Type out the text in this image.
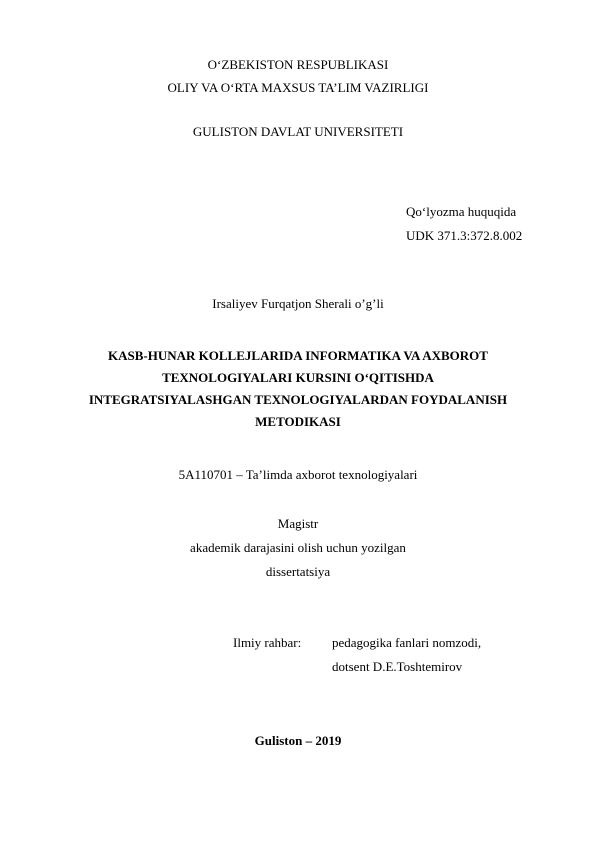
O‘ZBEKISTON RESPUBLIKASI
OLIY VA O‘RTA MAXSUS TA’LIM VAZIRLIGI
GULISTON DAVLAT UNIVERSITETI
Qo‘lyozma huquqida
UDK 371.3:372.8.002
Irsaliyev Furqatjon Sherali o’g’li
KASB-HUNAR KOLLEJLARIDA INFORMATIKA VA AXBOROT
TEXNOLOGIYALARI KURSINI O‘QITISHDA
INTEGRATSIYALASHGAN TEXNOLOGIYALARDAN FOYDALANISH
METODIKASI
5A110701 – Ta’limda axborot texnologiyalari
Magistr
akademik darajasini olish uchun yozilgan
dissertatsiya
Ilmiy rahbar: pedagogika fanlari nomzodi,
dotsent D.E.Toshtemirov
Guliston – 2019
